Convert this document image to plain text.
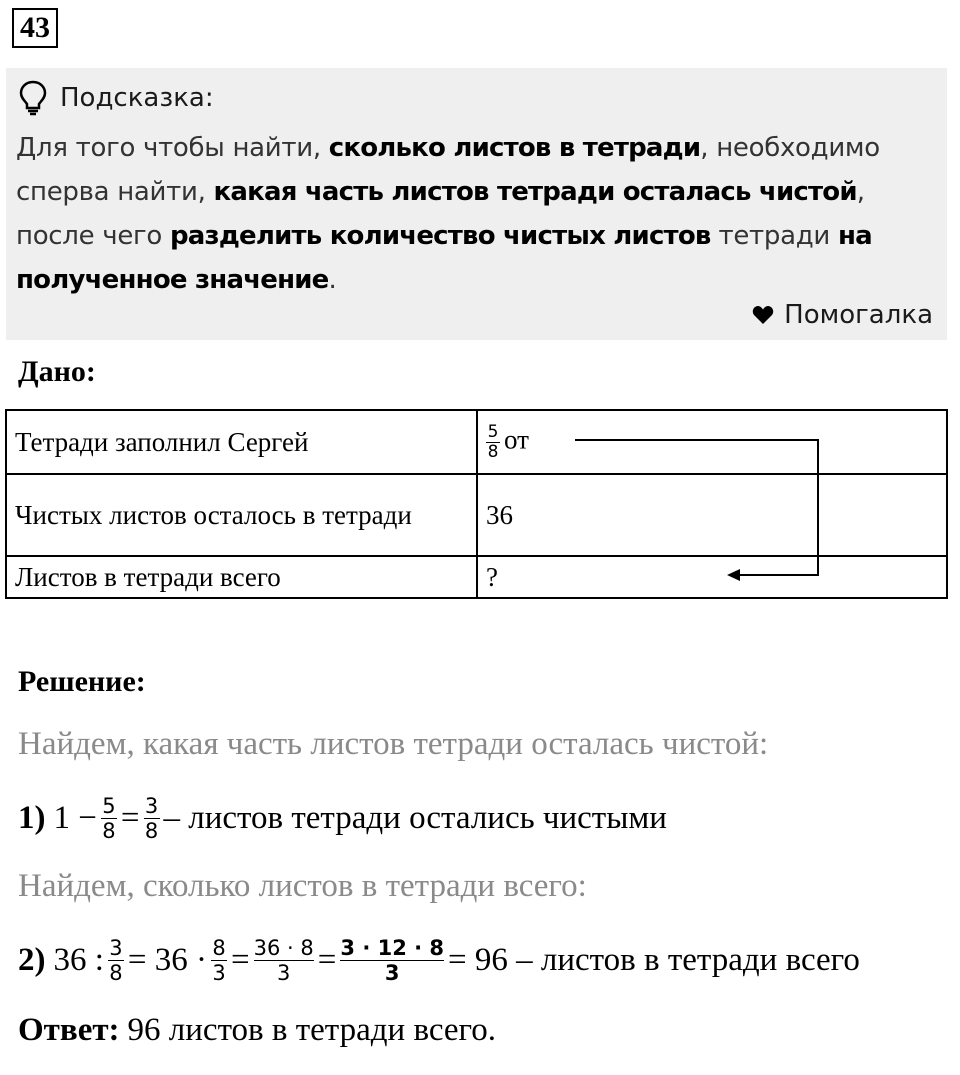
43
Подсказка:
Для того чтобы найти, сколько листов в тетради, необходимо сперва найти, какая часть листов тетради осталась чистой, после чего разделить количество чистых листов тетради на полученное значение.
Помогалка
Дано:
Тетради заполнил Сергей	$\frac{5}{8}$ от
Чистых листов осталось в тетради	36
Листов в тетради всего	?
Решение:
Найдем, какая часть листов тетради осталась чистой:
1) $1 - \frac{5}{8} = \frac{3}{8}$ – листов тетради остались чистыми
Найдем, сколько листов в тетради всего:
2) 36 : $\frac{3}{8} = 36 \cdot \frac{8}{3} = \frac{36 \cdot 8}{3} = \frac{3 \cdot 12 \cdot 8}{3} = 96$ – листов в тетради всего
Ответ: 96 листов в тетради всего.
